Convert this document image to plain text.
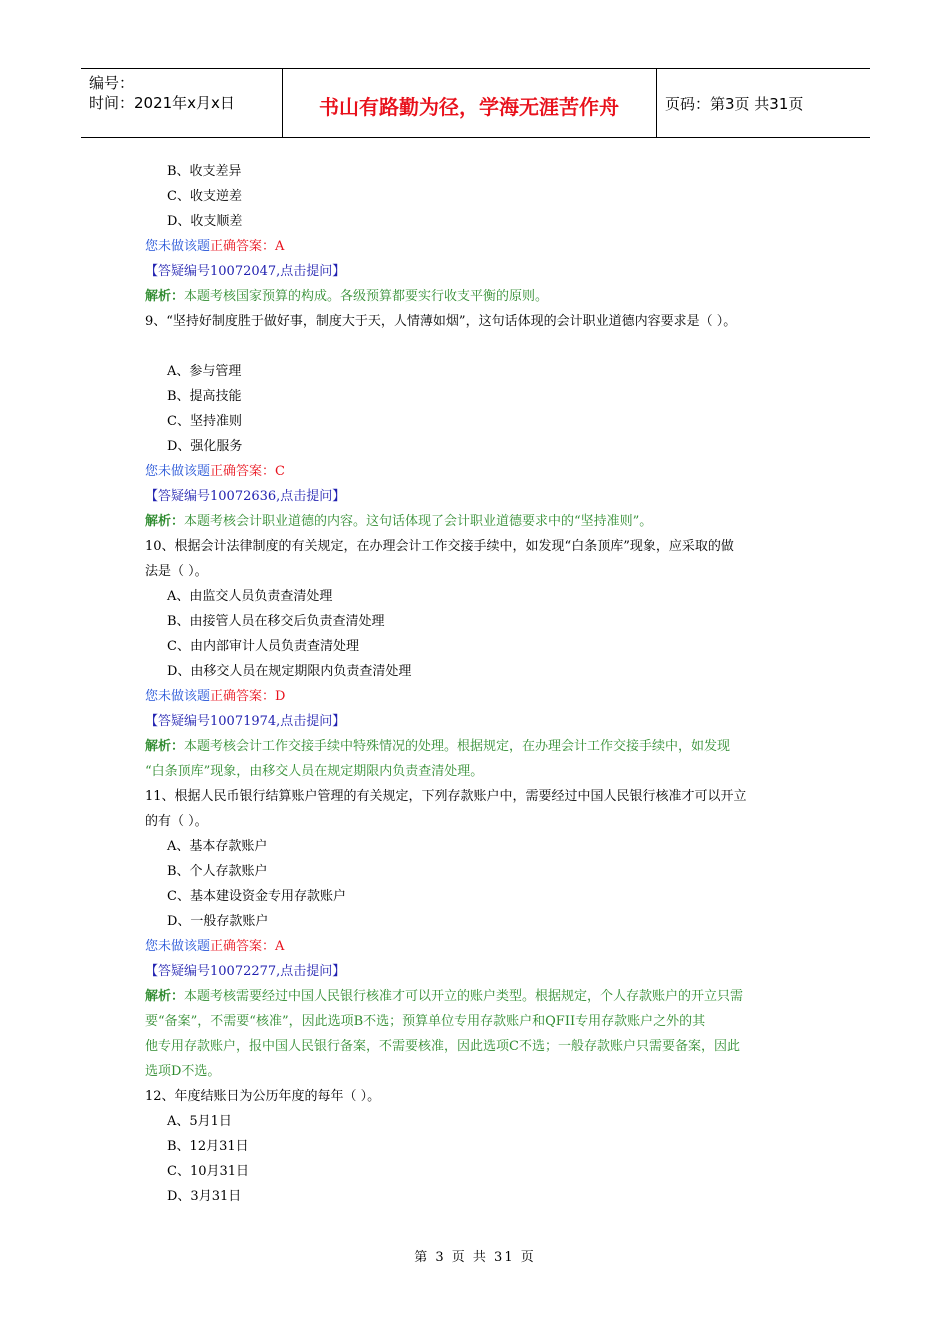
编号：
时间：2021年x月x日	书山有路勤为径，学海无涯苦作舟	页码：第3页 共31页
B、收支差异
C、收支逆差
D、收支顺差
您未做该题正确答案：A
【答疑编号10072047,点击提问】
解析：本题考核国家预算的构成。各级预算都要实行收支平衡的原则。
9、“坚持好制度胜于做好事，制度大于天，人情薄如烟”，这句话体现的会计职业道德内容要求是（ ）。
A、参与管理
B、提高技能
C、坚持准则
D、强化服务
您未做该题正确答案：C
【答疑编号10072636,点击提问】
解析：本题考核会计职业道德的内容。这句话体现了会计职业道德要求中的“坚持准则”。
10、根据会计法律制度的有关规定，在办理会计工作交接手续中，如发现“白条顶库”现象，应采取的做
法是（ ）。
A、由监交人员负责查清处理
B、由接管人员在移交后负责查清处理
C、由内部审计人员负责查清处理
D、由移交人员在规定期限内负责查清处理
您未做该题正确答案：D
【答疑编号10071974,点击提问】
解析：本题考核会计工作交接手续中特殊情况的处理。根据规定，在办理会计工作交接手续中，如发现
“白条顶库”现象，由移交人员在规定期限内负责查清处理。
11、根据人民币银行结算账户管理的有关规定，下列存款账户中，需要经过中国人民银行核准才可以开立
的有（ ）。
A、基本存款账户
B、个人存款账户
C、基本建设资金专用存款账户
D、一般存款账户
您未做该题正确答案：A
【答疑编号10072277,点击提问】
解析：本题考核需要经过中国人民银行核准才可以开立的账户类型。根据规定，个人存款账户的开立只需
要“备案”，不需要“核准”，因此选项B不选；预算单位专用存款账户和QFII专用存款账户之外的其
他专用存款账户，报中国人民银行备案，不需要核准，因此选项C不选；一般存款账户只需要备案，因此
选项D不选。
12、年度结账日为公历年度的每年（ ）。
A、5月1日
B、12月31日
C、10月31日
D、3月31日
第 3 页 共 31 页
